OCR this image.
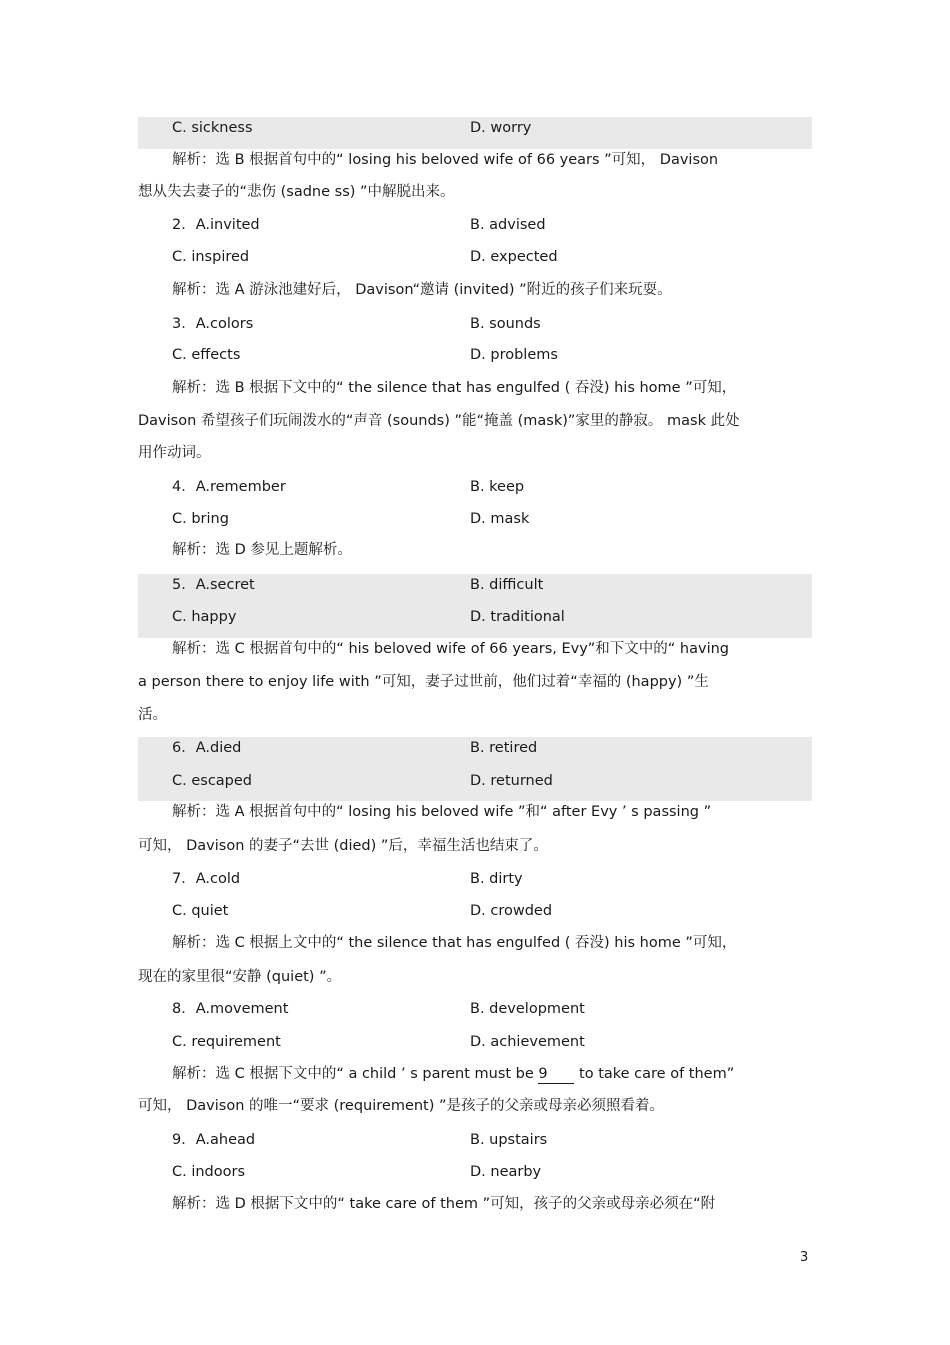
C. sickness	D. worry
解析：选 B 根据首句中的“ losing his beloved wife of 66 years ”可知， Davison
想从失去妻子的“悲伤 (sadne ss) ”中解脱出来。
2．A.invited	B. advised
C. inspired	D. expected
解析：选 A 游泳池建好后， Davison“邀请 (invited) ”附近的孩子们来玩耍。
3．A.colors	B. sounds
C. effects	D. problems
解析：选 B 根据下文中的“ the silence that has engulfed ( 吞没) his home ”可知，
Davison 希望孩子们玩闹泼水的“声音 (sounds) ”能“掩盖 (mask)”家里的静寂。 mask 此处
用作动词。
4．A.remember	B. keep
C. bring	D. mask
解析：选 D 参见上题解析。
5．A.secret	B. difficult
C. happy	D. traditional
解析：选 C 根据首句中的“ his beloved wife of 66 years, Evy”和下文中的“ having
a person there to enjoy life with ”可知，妻子过世前，他们过着“幸福的 (happy) ”生
活。
6．A.died	B. retired
C. escaped	D. returned
解析：选 A 根据首句中的“ losing his beloved wife ”和“ after Evy ’ s passing ”
可知， Davison 的妻子“去世 (died) ”后，幸福生活也结束了。
7．A.cold	B. dirty
C. quiet	D. crowded
解析：选 C 根据上文中的“ the silence that has engulfed ( 吞没) his home ”可知，
现在的家里很“安静 (quiet) ”。
8．A.movement	B. development
C. requirement	D. achievement
解析：选 C 根据下文中的“ a child ’ s parent must be 9 to take care of them”
可知， Davison 的唯一“要求 (requirement) ”是孩子的父亲或母亲必须照看着。
9．A.ahead	B. upstairs
C. indoors	D. nearby
解析：选 D 根据下文中的“ take care of them ”可知，孩子的父亲或母亲必须在“附
3
